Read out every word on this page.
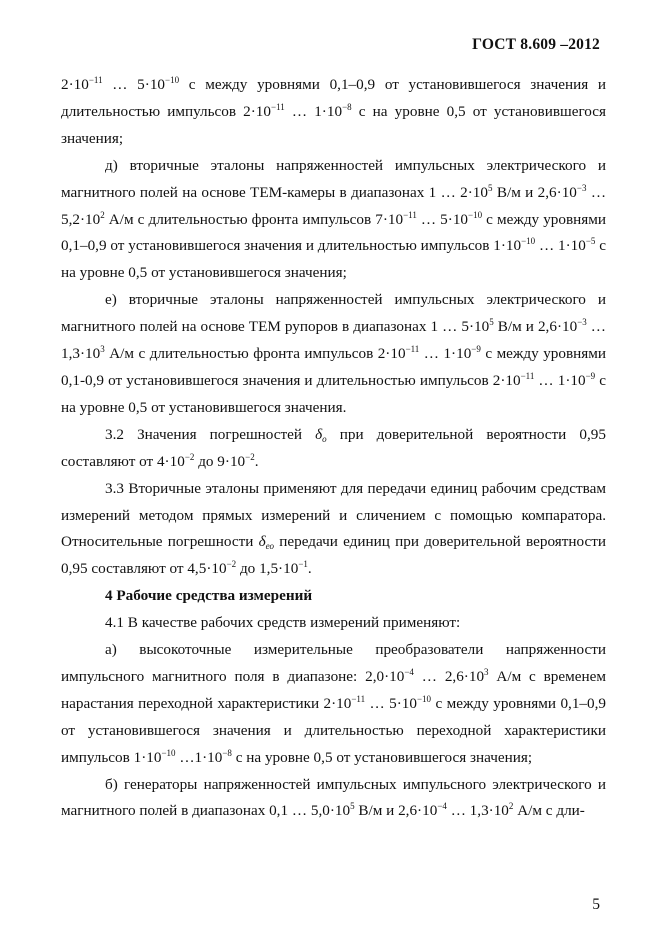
ГОСТ 8.609 –2012

$2\cdot 10^{-11}$ … $5\cdot 10^{-10}$ с между уровнями 0,1–0,9 от установившегося значения и длительностью импульсов $2\cdot 10^{-11}$ … $1\cdot 10^{-8}$ с на уровне 0,5 от установившегося значения;

д) вторичные эталоны напряженностей импульсных электрического и магнитного полей на основе ТЕМ-камеры в диапазонах 1 … $2\cdot 10^5$ В/м и $2,6\cdot 10^{-3}$ … $5,2\cdot 10^2$ А/м с длительностью фронта импульсов $7\cdot 10^{-11}$ … $5\cdot 10^{-10}$ с между уровнями 0,1–0,9 от установившегося значения и длительностью импульсов $1\cdot 10^{-10}$ … $1\cdot 10^{-5}$ с на уровне 0,5 от установившегося значения;

е) вторичные эталоны напряженностей импульсных электрического и магнитного полей на основе ТЕМ рупоров в диапазонах 1 … $5\cdot 10^5$ В/м и $2,6\cdot 10^{-3}$ … $1,3\cdot 10^3$ А/м с длительностью фронта импульсов $2\cdot 10^{-11}$ … $1\cdot 10^{-9}$ с между уровнями 0,1-0,9 от установившегося значения и длительностью импульсов $2\cdot 10^{-11}$ … $1\cdot 10^{-9}$ с на уровне 0,5 от установившегося значения.

3.2 Значения погрешностей $\delta_о$ при доверительной вероятности 0,95 составляют от $4\cdot 10^{-2}$ до $9\cdot 10^{-2}$.

3.3 Вторичные эталоны применяют для передачи единиц рабочим средствам измерений методом прямых измерений и сличением с помощью компаратора. Относительные погрешности $\delta_{ео}$ передачи единиц при доверительной вероятности 0,95 составляют от $4,5\cdot 10^{-2}$ до $1,5\cdot 10^{-1}$.

4 Рабочие средства измерений

4.1 В качестве рабочих средств измерений применяют:

а) высокоточные измерительные преобразователи напряженности импульсного магнитного поля в диапазоне: $2,0\cdot 10^{-4}$ … $2,6\cdot 10^3$ А/м с временем нарастания переходной характеристики $2\cdot 10^{-11}$ … $5\cdot 10^{-10}$ с между уровнями 0,1–0,9 от установившегося значения и длительностью переходной характеристики импульсов $1\cdot 10^{-10}$ $\dots 1\cdot 10^{-8}$ с на уровне 0,5 от установившегося значения;

б) генераторы напряженностей импульсных импульсного электрического и магнитного полей в диапазонах 0,1 … $5,0\cdot 10^5$ В/м и $2,6\cdot 10^{-4}$ … $1,3\cdot 10^2$ А/м с дли-

5
